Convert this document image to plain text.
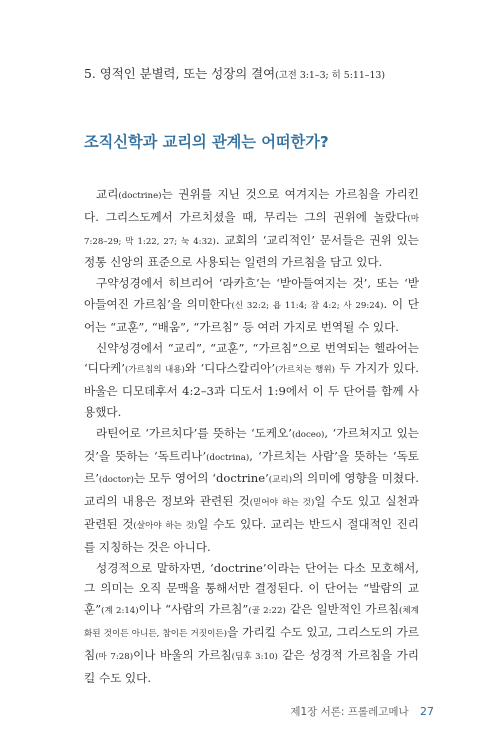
5. 영적인 분별력, 또는 성장의 결여(고전 3:1–3; 히 5:11–13)
조직신학과 교리의 관계는 어떠한가?

교리(doctrine)는 권위를 지닌 것으로 여겨지는 가르침을 가리킨다. 그리스도께서 가르치셨을 때, 무리는 그의 권위에 놀랐다(마 7:28–29; 막 1:22, 27; 눅 4:32). 교회의 ‘교리적인’ 문서들은 권위 있는 정통 신앙의 표준으로 사용되는 일련의 가르침을 담고 있다.

구약성경에서 히브리어 ‘라카흐’는 ‘받아들여지는 것’, 또는 ‘받아들여진 가르침’을 의미한다(신 32:2; 욥 11:4; 잠 4:2; 사 29:24). 이 단어는 “교훈”, “배움”, “가르침” 등 여러 가지로 번역될 수 있다.

신약성경에서 “교리”, “교훈”, “가르침”으로 번역되는 헬라어는 ‘디다케’(가르침의 내용)와 ‘디다스칼리아’(가르치는 행위) 두 가지가 있다. 바울은 디모데후서 4:2–3과 디도서 1:9에서 이 두 단어를 함께 사용했다.

라틴어로 ‘가르치다’를 뜻하는 ‘도케오’(doceo), ‘가르쳐지고 있는 것’을 뜻하는 ‘독트리나’(doctrina), ‘가르치는 사람’을 뜻하는 ‘독토르’(doctor)는 모두 영어의 ‘doctrine’(교리)의 의미에 영향을 미쳤다. 교리의 내용은 정보와 관련된 것(믿어야 하는 것)일 수도 있고 실천과 관련된 것(살아야 하는 것)일 수도 있다. 교리는 반드시 절대적인 진리를 지칭하는 것은 아니다.

성경적으로 말하자면, ‘doctrine’이라는 단어는 다소 모호해서, 그 의미는 오직 문맥을 통해서만 결정된다. 이 단어는 “발람의 교훈”(계 2:14)이나 “사람의 가르침”(골 2:22) 같은 일반적인 가르침(체계화된 것이든 아니든, 참이든 거짓이든)을 가리킬 수도 있고, 그리스도의 가르침(마 7:28)이나 바울의 가르침(딤후 3:10) 같은 성경적 가르침을 가리킬 수도 있다.

제1장 서론: 프롤레고메나 27
